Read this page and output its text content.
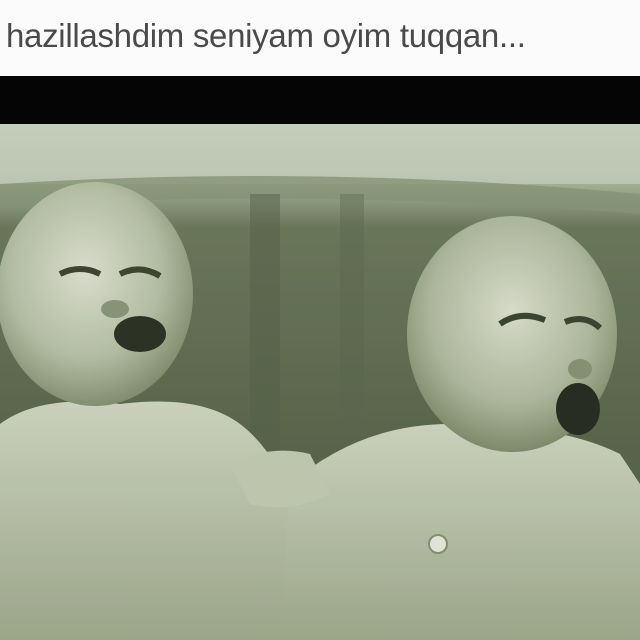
hazillashdim seniyam oyim tuqqan...
